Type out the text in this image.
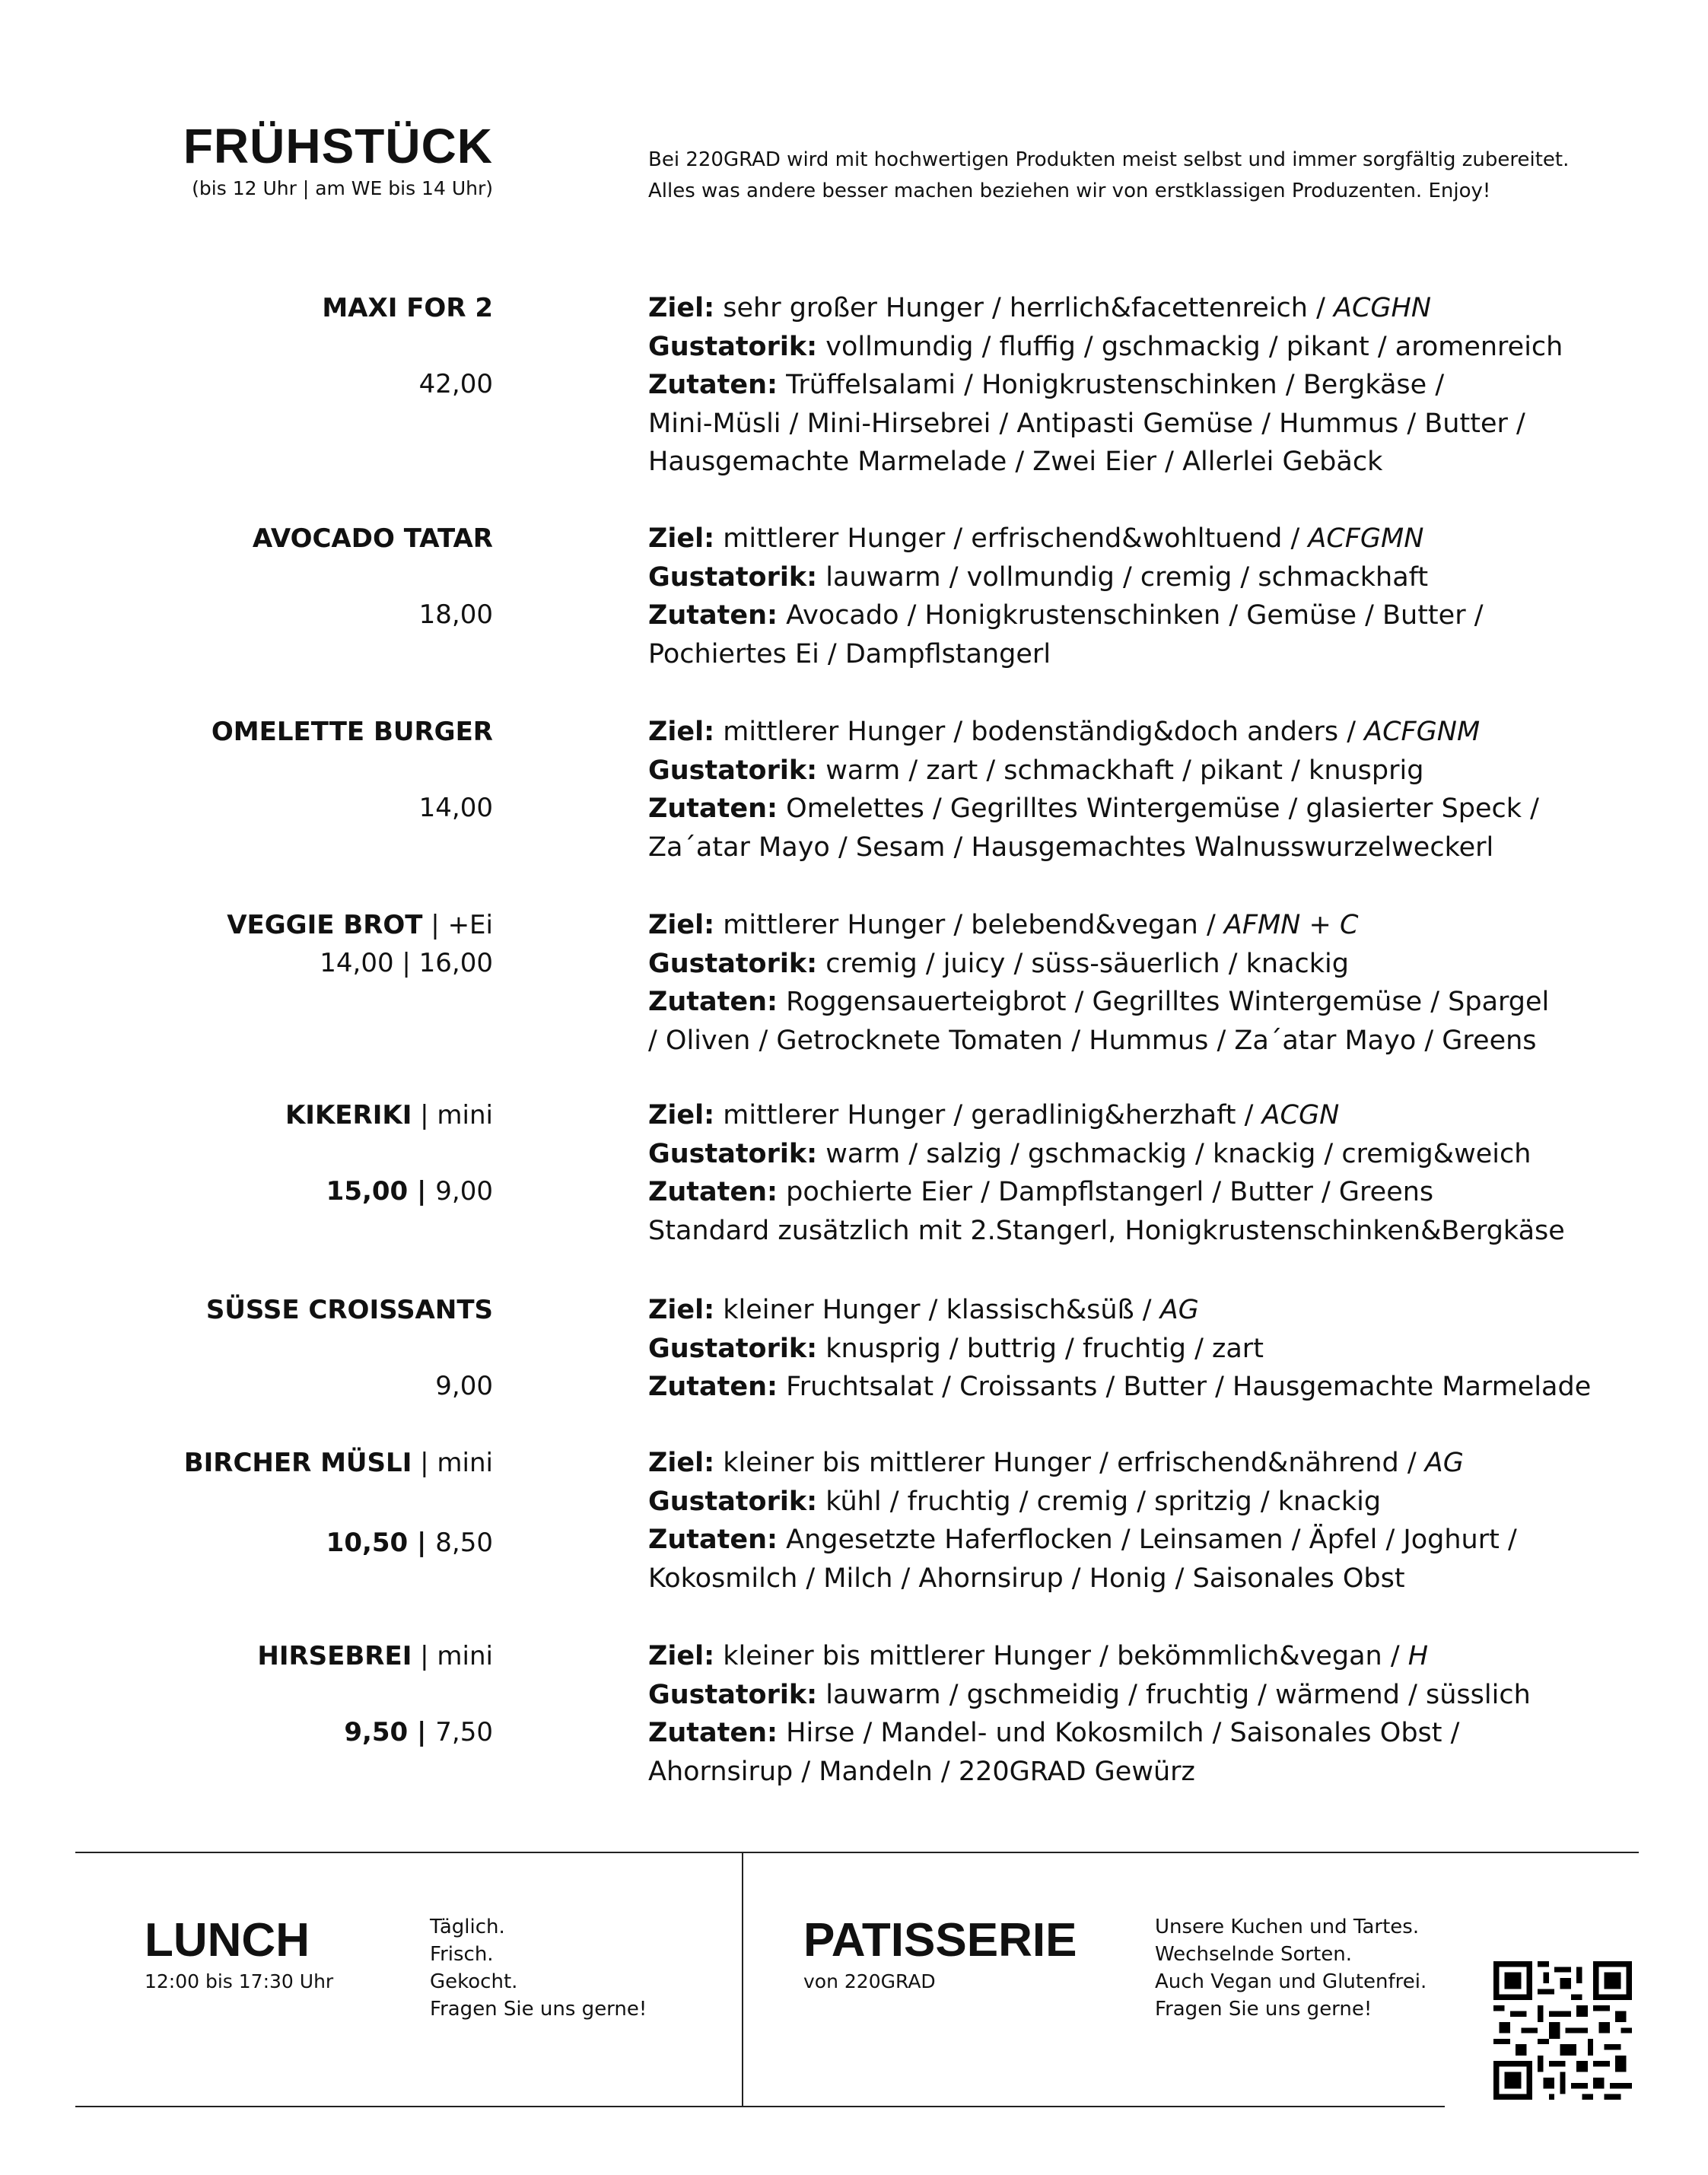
FRÜHSTÜCK
(bis 12 Uhr | am WE bis 14 Uhr)
Bei 220GRAD wird mit hochwertigen Produkten meist selbst und immer sorgfältig zubereitet.
Alles was andere besser machen beziehen wir von erstklassigen Produzenten. Enjoy!
MAXI FOR 2
42,00
Ziel: sehr großer Hunger / herrlich&facettenreich / ACGHN
Gustatorik: vollmundig / fluffig / gschmackig / pikant / aromenreich
Zutaten: Trüffelsalami / Honigkrustenschinken / Bergkäse /
Mini-Müsli / Mini-Hirsebrei / Antipasti Gemüse / Hummus / Butter /
Hausgemachte Marmelade / Zwei Eier / Allerlei Gebäck
AVOCADO TATAR
18,00
Ziel: mittlerer Hunger / erfrischend&wohltuend / ACFGMN
Gustatorik: lauwarm / vollmundig / cremig / schmackhaft
Zutaten: Avocado / Honigkrustenschinken / Gemüse / Butter /
Pochiertes Ei / Dampflstangerl
OMELETTE BURGER
14,00
Ziel: mittlerer Hunger / bodenständig&doch anders / ACFGNM
Gustatorik: warm / zart / schmackhaft / pikant / knusprig
Zutaten: Omelettes / Gegrilltes Wintergemüse / glasierter Speck /
Za´atar Mayo / Sesam / Hausgemachtes Walnusswurzelweckerl
VEGGIE BROT | +Ei
14,00 | 16,00
Ziel: mittlerer Hunger / belebend&vegan / AFMN + C
Gustatorik: cremig / juicy / süss-säuerlich / knackig
Zutaten: Roggensauerteigbrot / Gegrilltes Wintergemüse / Spargel
/ Oliven / Getrocknete Tomaten / Hummus / Za´atar Mayo / Greens
KIKERIKI | mini
15,00 | 9,00
Ziel: mittlerer Hunger / geradlinig&herzhaft / ACGN
Gustatorik: warm / salzig / gschmackig / knackig / cremig&weich
Zutaten: pochierte Eier / Dampflstangerl / Butter / Greens
Standard zusätzlich mit 2.Stangerl, Honigkrustenschinken&Bergkäse
SÜSSE CROISSANTS
9,00
Ziel: kleiner Hunger / klassisch&süß / AG
Gustatorik: knusprig / buttrig / fruchtig / zart
Zutaten: Fruchtsalat / Croissants / Butter / Hausgemachte Marmelade
BIRCHER MÜSLI | mini
10,50 | 8,50
Ziel: kleiner bis mittlerer Hunger / erfrischend&nährend / AG
Gustatorik: kühl / fruchtig / cremig / spritzig / knackig
Zutaten: Angesetzte Haferflocken / Leinsamen / Äpfel / Joghurt /
Kokosmilch / Milch / Ahornsirup / Honig / Saisonales Obst
HIRSEBREI | mini
9,50 | 7,50
Ziel: kleiner bis mittlerer Hunger / bekömmlich&vegan / H
Gustatorik: lauwarm / gschmeidig / fruchtig / wärmend / süsslich
Zutaten: Hirse / Mandel- und Kokosmilch / Saisonales Obst /
Ahornsirup / Mandeln / 220GRAD Gewürz
LUNCH
12:00 bis 17:30 Uhr
Täglich.
Frisch.
Gekocht.
Fragen Sie uns gerne!
PATISSERIE
von 220GRAD
Unsere Kuchen und Tartes.
Wechselnde Sorten.
Auch Vegan und Glutenfrei.
Fragen Sie uns gerne!
